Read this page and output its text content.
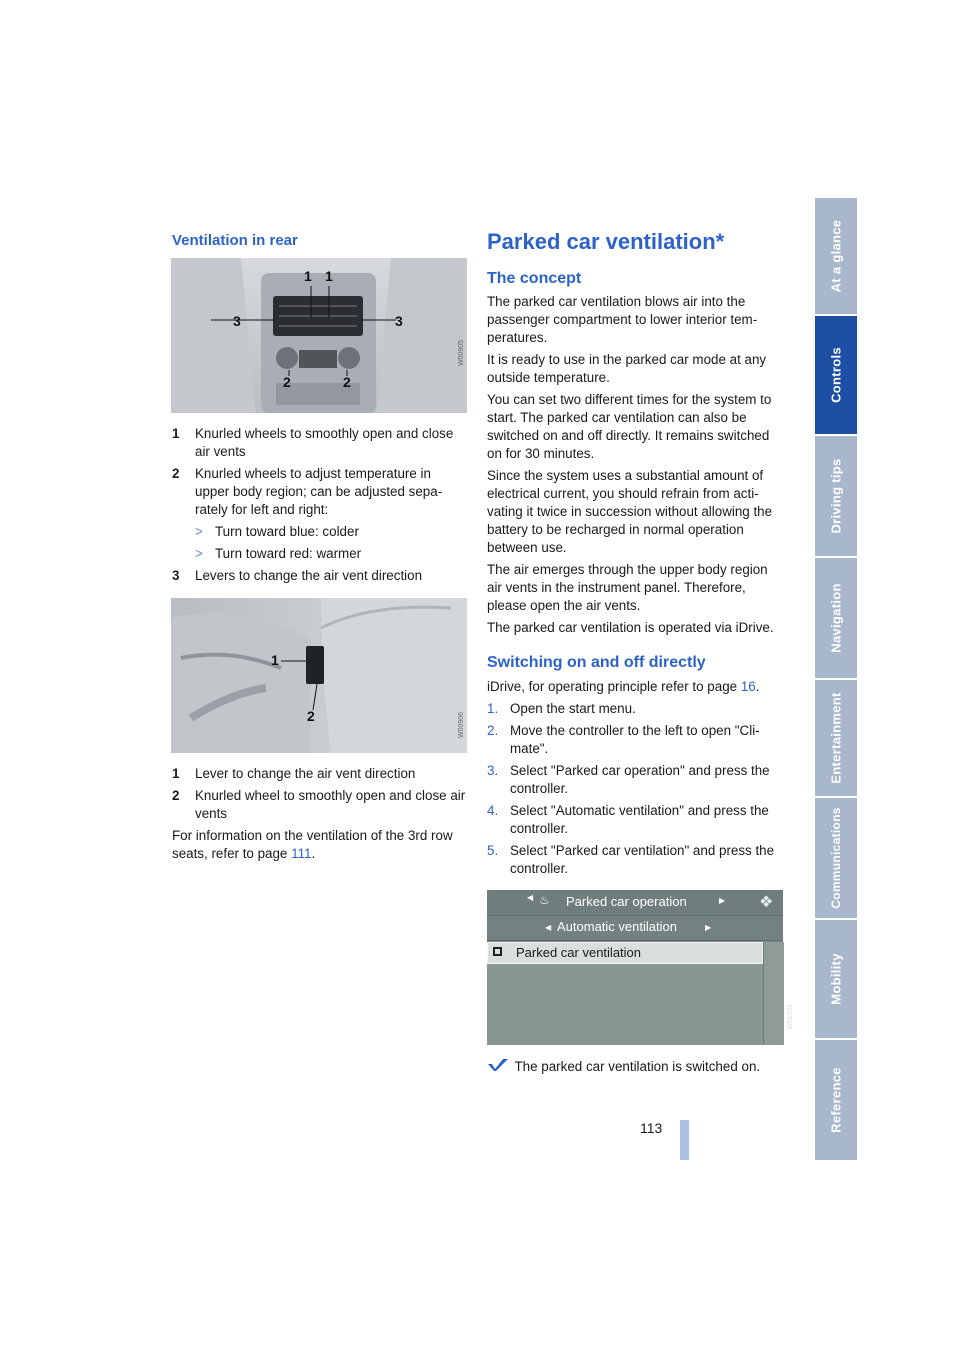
At a glance
Controls
Driving tips
Navigation
Entertainment
Communications
Mobility
Reference
Ventilation in rear
1 1
3	3
2	2
W00905
1 Knurled wheels to smoothly open and close air vents
2 Knurled wheels to adjust temperature in upper body region; can be adjusted sepa-rately for left and right:
> Turn toward blue: colder
> Turn toward red: warmer
3 Levers to change the air vent direction
1
2	W00906
1 Lever to change the air vent direction
2 Knurled wheel to smoothly open and close air vents
For information on the ventilation of the 3rd row seats, refer to page 111.
Parked car ventilation*
The concept
The parked car ventilation blows air into the passenger compartment to lower interior tem-peratures.
It is ready to use in the parked car mode at any outside temperature.
You can set two different times for the system to start. The parked car ventilation can also be switched on and off directly. It remains switched on for 30 minutes.
Since the system uses a substantial amount of electrical current, you should refrain from acti-vating it twice in succession without allowing the battery to be recharged in normal operation between use.
The air emerges through the upper body region air vents in the instrument panel. Therefore, please open the air vents.
The parked car ventilation is operated via iDrive.
Switching on and off directly
iDrive, for operating principle refer to page 16.
1. Open the start menu.
2. Move the controller to the left to open "Cli-mate".
3. Select "Parked car operation" and press the controller.
4. Select "Automatic ventilation" and press the controller.
5. Select "Parked car ventilation" and press the controller.
◀ ♨ Parked car operation	▶ ❖
◀ Automatic ventilation	▶
Parked car ventilation
W01234
The parked car ventilation is switched on.
113
